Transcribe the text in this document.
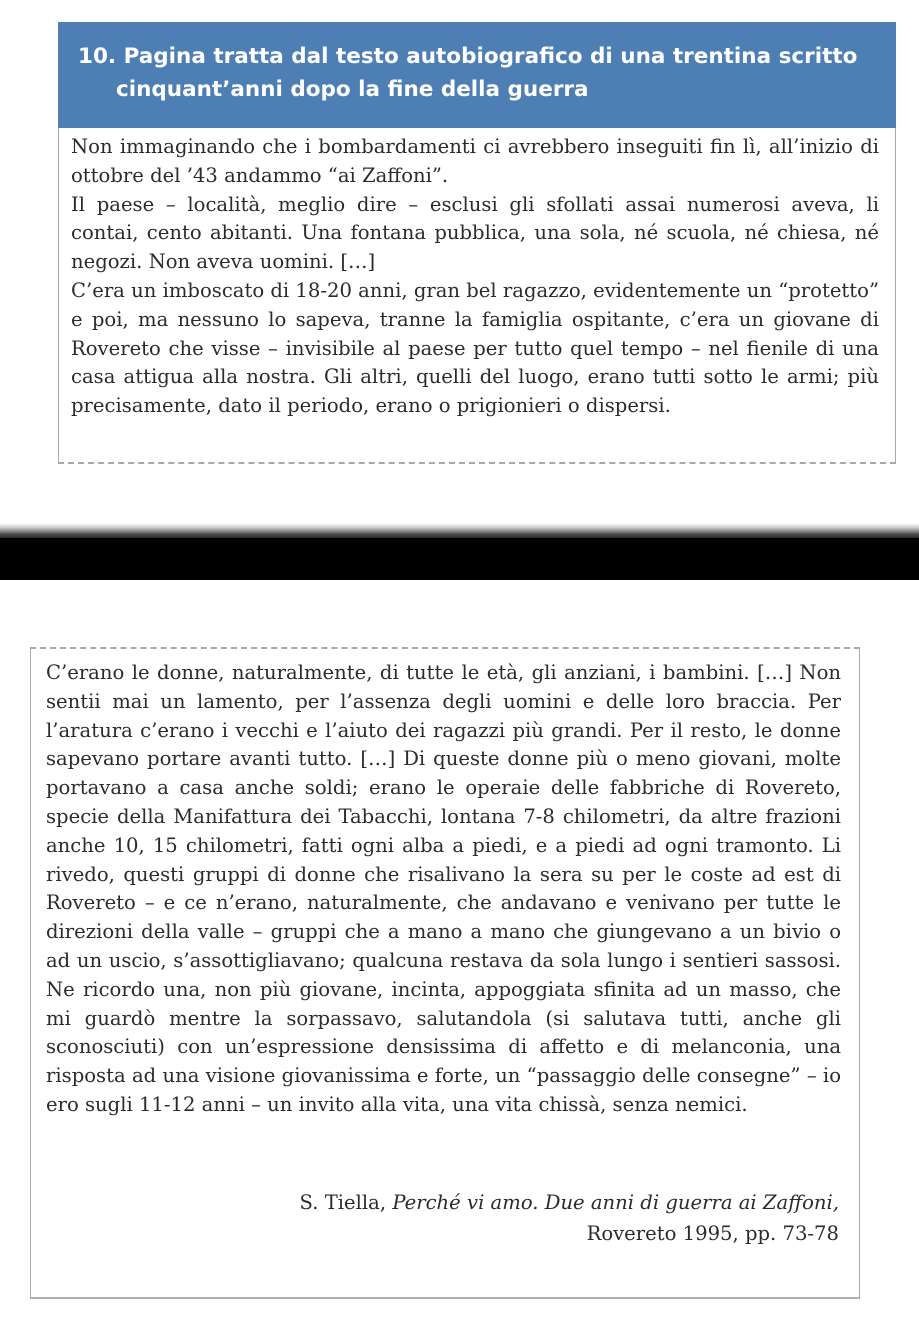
10. Pagina tratta dal testo autobiografico di una trentina scritto
cinquant’anni dopo la fine della guerra

Non immaginando che i bombardamenti ci avrebbero inseguiti fin lì, all’inizio di ottobre del ’43 andammo “ai Zaffoni”.

Il paese – località, meglio dire – esclusi gli sfollati assai numerosi aveva, li contai, cento abitanti. Una fontana pubblica, una sola, né scuola, né chiesa, né negozi. Non aveva uomini. […]

C’era un imboscato di 18-20 anni, gran bel ragazzo, evidentemente un “protetto” e poi, ma nessuno lo sapeva, tranne la famiglia ospitante, c’era un giovane di Rovereto che visse – invisibile al paese per tutto quel tempo – nel fienile di una casa attigua alla nostra. Gli altri, quelli del luogo, erano tutti sotto le armi; più precisamente, dato il periodo, erano o prigionieri o dispersi.

C’erano le donne, naturalmente, di tutte le età, gli anziani, i bambini. […] Non sentii mai un lamento, per l’assenza degli uomini e delle loro braccia. Per l’aratura c’erano i vecchi e l’aiuto dei ragazzi più grandi. Per il resto, le donne sapevano portare avanti tutto. […] Di queste donne più o meno giovani, molte portavano a casa anche soldi; erano le operaie delle fabbriche di Rovereto, specie della Manifattura dei Tabacchi, lontana 7-8 chilometri, da altre frazioni anche 10, 15 chilometri, fatti ogni alba a piedi, e a piedi ad ogni tramonto. Li rivedo, questi gruppi di donne che risalivano la sera su per le coste ad est di Rovereto – e ce n’erano, naturalmente, che andavano e venivano per tutte le direzioni della valle – gruppi che a mano a mano che giungevano a un bivio o ad un uscio, s’assottigliavano; qualcuna restava da sola lungo i sentieri sassosi. Ne ricordo una, non più giovane, incinta, appoggiata sfinita ad un masso, che mi guardò mentre la sorpassavo, salutandola (si salutava tutti, anche gli sconosciuti) con un’espressione densissima di affetto e di melanconia, una risposta ad una visione giovanissima e forte, un “passaggio delle consegne” – io ero sugli 11-12 anni – un invito alla vita, una vita chissà, senza nemici.

S. Tiella, Perché vi amo. Due anni di guerra ai Zaffoni,
Rovereto 1995, pp. 73-78
